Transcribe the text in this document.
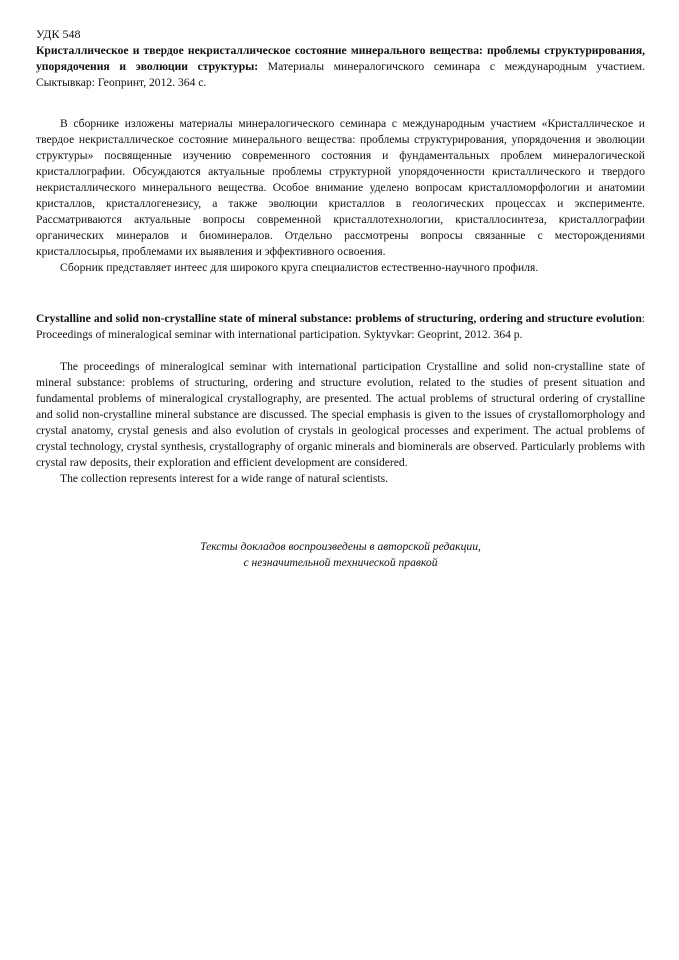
УДК 548

Кристаллическое и твердое некристаллическое состояние минерального вещества: проблемы структурирования, упорядочения и эволюции структуры: Материалы минералогичского семинара с международным участием. Сыктывкар: Геопринт, 2012. 364 с.

В сборнике изложены материалы минералогического семинара с международным участием «Кристаллическое и твердое некристаллическое состояние минерального вещества: проблемы структурирования, упорядочения и эволюции структуры» посвященные изучению современного состояния и фундаментальных проблем минералогической кристаллографии. Обсуждаются актуальные проблемы структурной упорядоченности кристаллического и твердого некристаллического минерального вещества. Особое внимание уделено вопросам кристалломорфологии и анатомии кристаллов, кристаллогенезису, а также эволюции кристаллов в геологических процессах и эксперименте. Рассматриваются актуальные вопросы современной кристаллотехнологии, кристаллосинтеза, кристаллографии органических минералов и биоминералов. Отдельно рассмотрены вопросы связанные с месторождениями кристаллосырья, проблемами их выявления и эффективного освоения.

Сборник представляет интеес для широкого круга специалистов естественно-научного профиля.

Crystalline and solid non-crystalline state of mineral substance: problems of structuring, ordering and structure evolution: Proceedings of mineralogical seminar with international participation. Syktyvkar: Geoprint, 2012. 364 p.

The proceedings of mineralogical seminar with international participation Crystalline and solid non-crystalline state of mineral substance: problems of structuring, ordering and structure evolution, related to the studies of present situation and fundamental problems of mineralogical crystallography, are presented. The actual problems of structural ordering of crystalline and solid non-crystalline mineral substance are discussed. The special emphasis is given to the issues of crystallomorphology and crystal anatomy, crystal genesis and also evolution of crystals in geological processes and experiment. The actual problems of crystal technology, crystal synthesis, crystallography of organic minerals and biominerals are observed. Particularly problems with crystal raw deposits, their exploration and efficient development are considered.

The collection represents interest for a wide range of natural scientists.

Тексты докладов воспроизведены в авторской редакции,
с незначительной технической правкой
